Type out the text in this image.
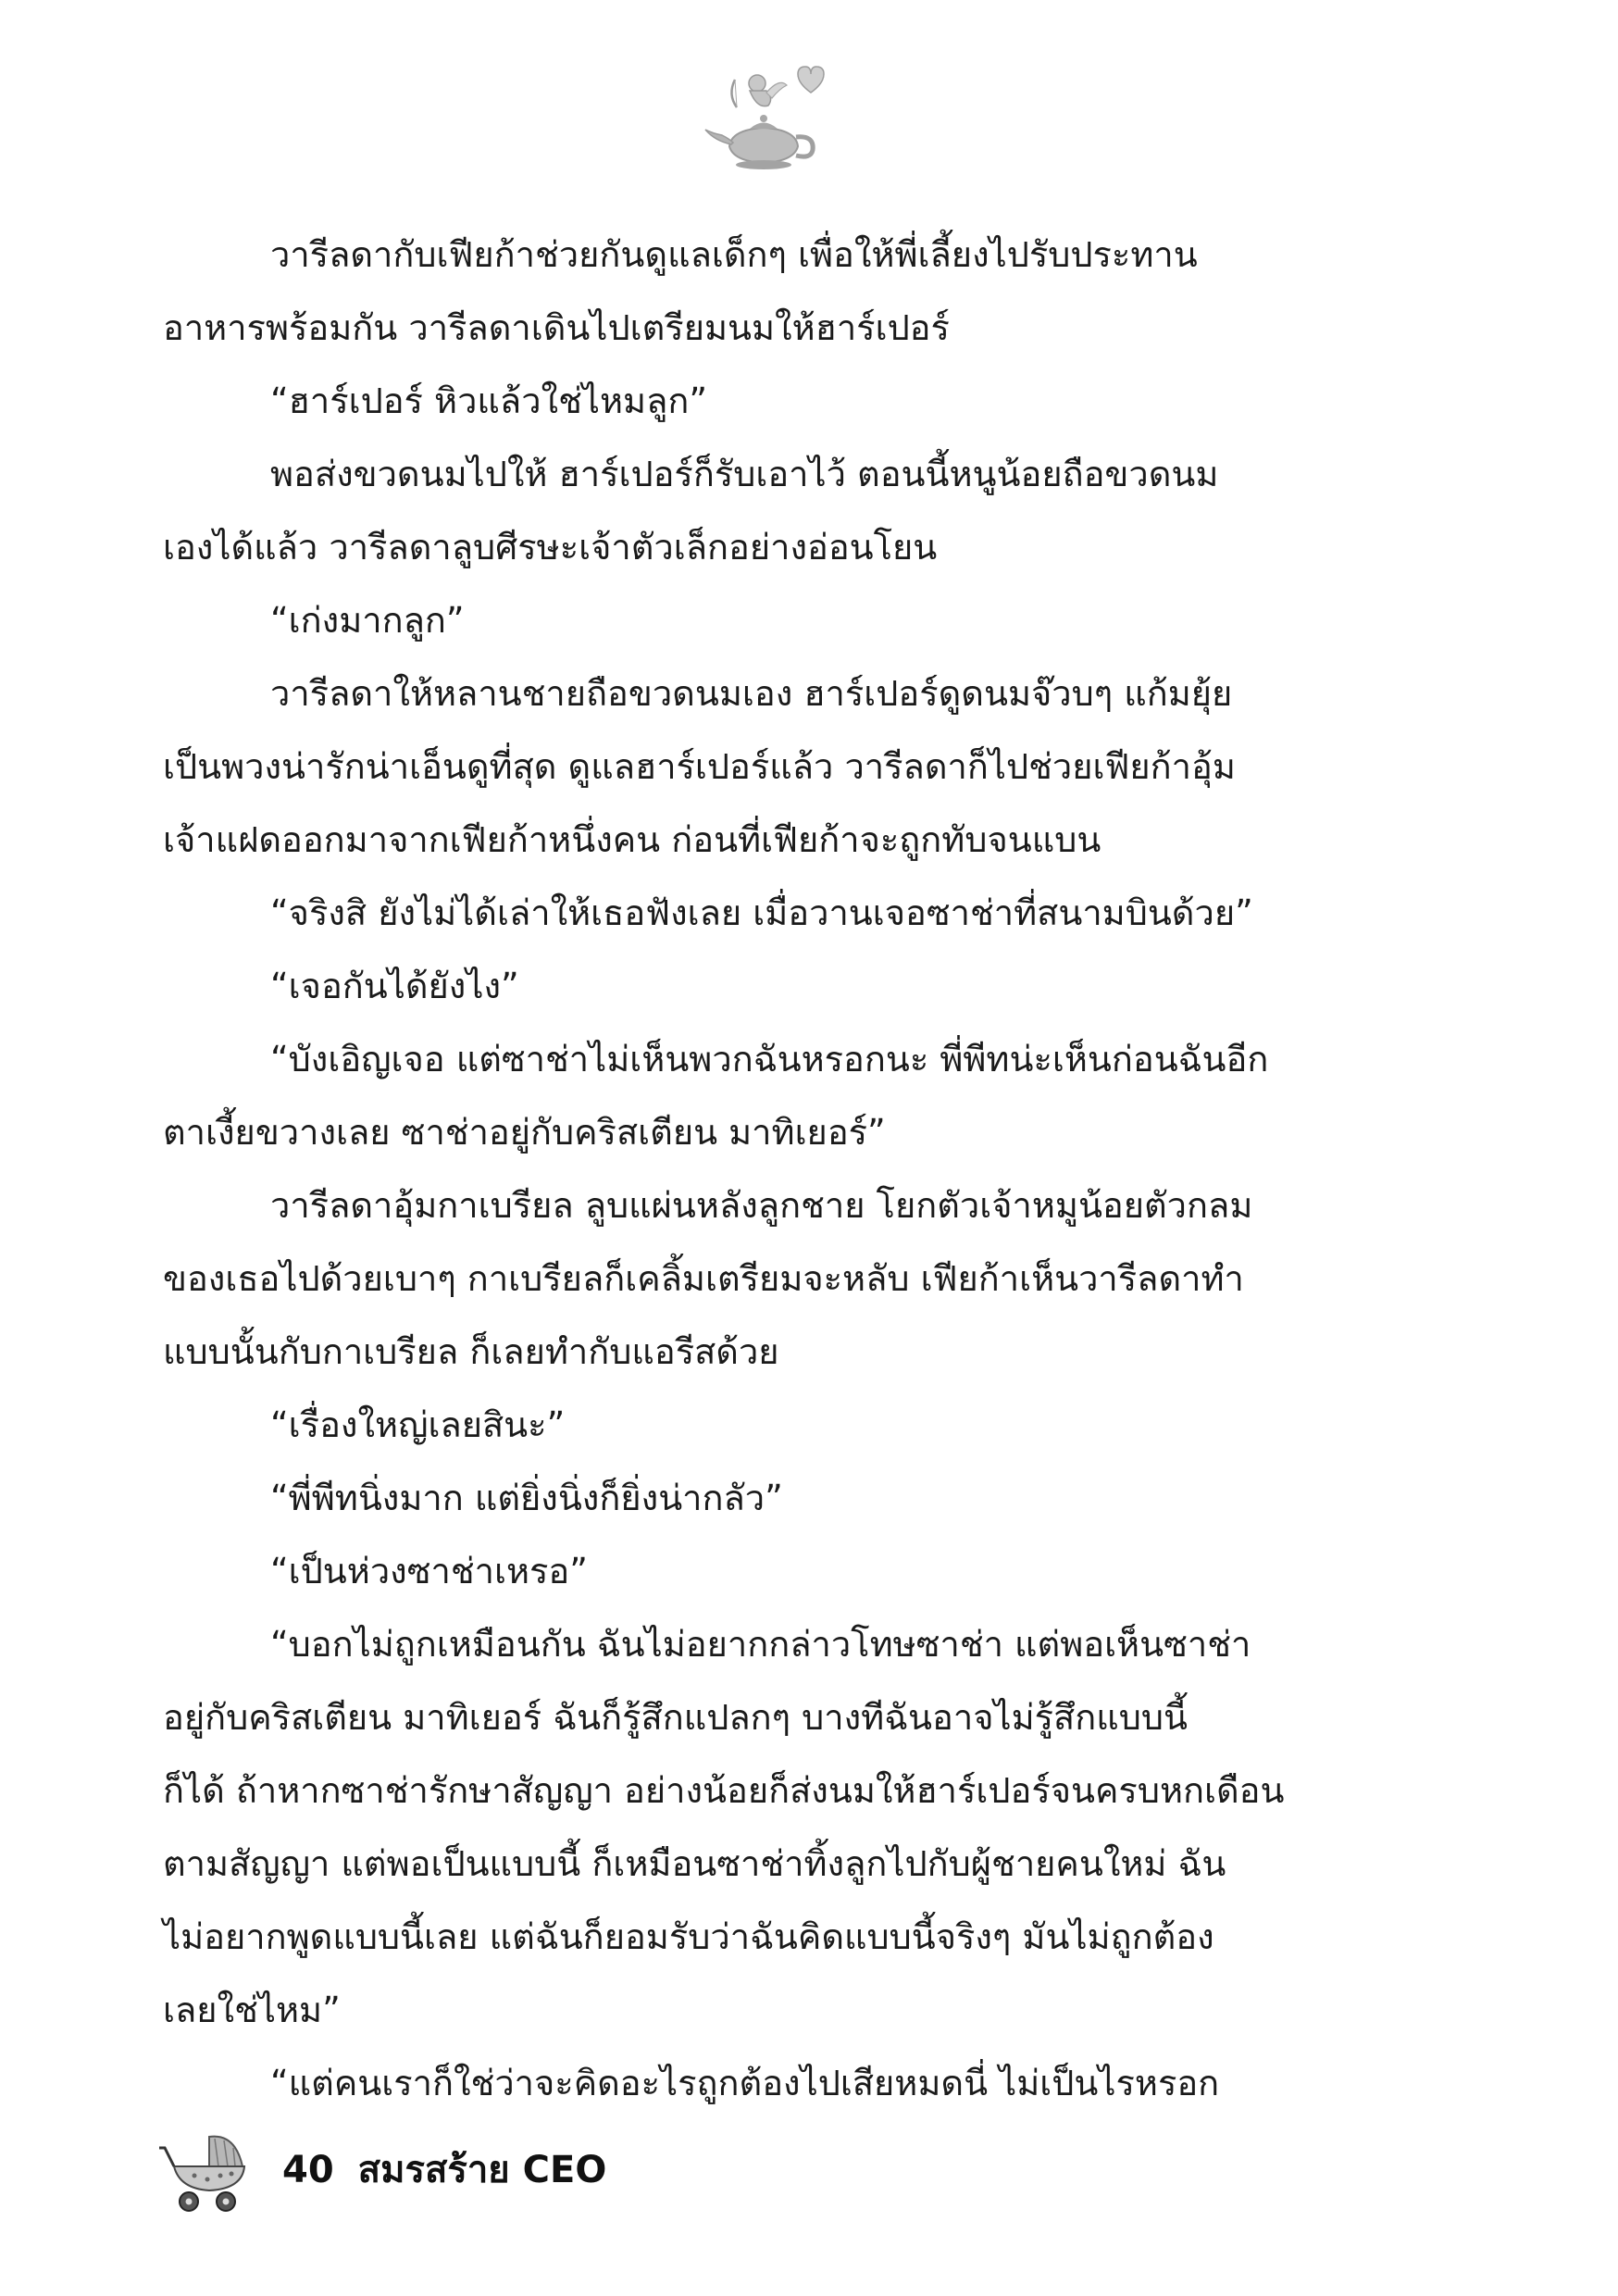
วารีลดากับเฟียก้าช่วยกันดูแลเด็กๆ เพื่อให้พี่เลี้ยงไปรับประทาน

อาหารพร้อมกัน วารีลดาเดินไปเตรียมนมให้ฮาร์เปอร์

“ฮาร์เปอร์ หิวแล้วใช่ไหมลูก”

พอส่งขวดนมไปให้ ฮาร์เปอร์ก็รับเอาไว้ ตอนนี้หนูน้อยถือขวดนม

เองได้แล้ว วารีลดาลูบศีรษะเจ้าตัวเล็กอย่างอ่อนโยน

“เก่งมากลูก”

วารีลดาให้หลานชายถือขวดนมเอง ฮาร์เปอร์ดูดนมจ๊วบๆ แก้มยุ้ย

เป็นพวงน่ารักน่าเอ็นดูที่สุด ดูแลฮาร์เปอร์แล้ว วารีลดาก็ไปช่วยเฟียก้าอุ้ม

เจ้าแฝดออกมาจากเฟียก้าหนึ่งคน ก่อนที่เฟียก้าจะถูกทับจนแบน

“จริงสิ ยังไม่ได้เล่าให้เธอฟังเลย เมื่อวานเจอซาช่าที่สนามบินด้วย”

“เจอกันได้ยังไง”

“บังเอิญเจอ แต่ซาช่าไม่เห็นพวกฉันหรอกนะ พี่พีทน่ะเห็นก่อนฉันอีก

ตาเงี้ยขวางเลย ซาช่าอยู่กับคริสเตียน มาทิเยอร์”

วารีลดาอุ้มกาเบรียล ลูบแผ่นหลังลูกชาย โยกตัวเจ้าหมูน้อยตัวกลม

ของเธอไปด้วยเบาๆ กาเบรียลก็เคลิ้มเตรียมจะหลับ เฟียก้าเห็นวารีลดาทำ

แบบนั้นกับกาเบรียล ก็เลยทำกับแอรีสด้วย

“เรื่องใหญ่เลยสินะ”

“พี่พีทนิ่งมาก แต่ยิ่งนิ่งก็ยิ่งน่ากลัว”

“เป็นห่วงซาช่าเหรอ”

“บอกไม่ถูกเหมือนกัน ฉันไม่อยากกล่าวโทษซาช่า แต่พอเห็นซาช่า

อยู่กับคริสเตียน มาทิเยอร์ ฉันก็รู้สึกแปลกๆ บางทีฉันอาจไม่รู้สึกแบบนี้

ก็ได้ ถ้าหากซาช่ารักษาสัญญา อย่างน้อยก็ส่งนมให้ฮาร์เปอร์จนครบหกเดือน

ตามสัญญา แต่พอเป็นแบบนี้ ก็เหมือนซาช่าทิ้งลูกไปกับผู้ชายคนใหม่ ฉัน

ไม่อยากพูดแบบนี้เลย แต่ฉันก็ยอมรับว่าฉันคิดแบบนี้จริงๆ มันไม่ถูกต้อง

เลยใช่ไหม”

“แต่คนเราก็ใช่ว่าจะคิดอะไรถูกต้องไปเสียหมดนี่ ไม่เป็นไรหรอก

40 สมรสร้าย CEO
